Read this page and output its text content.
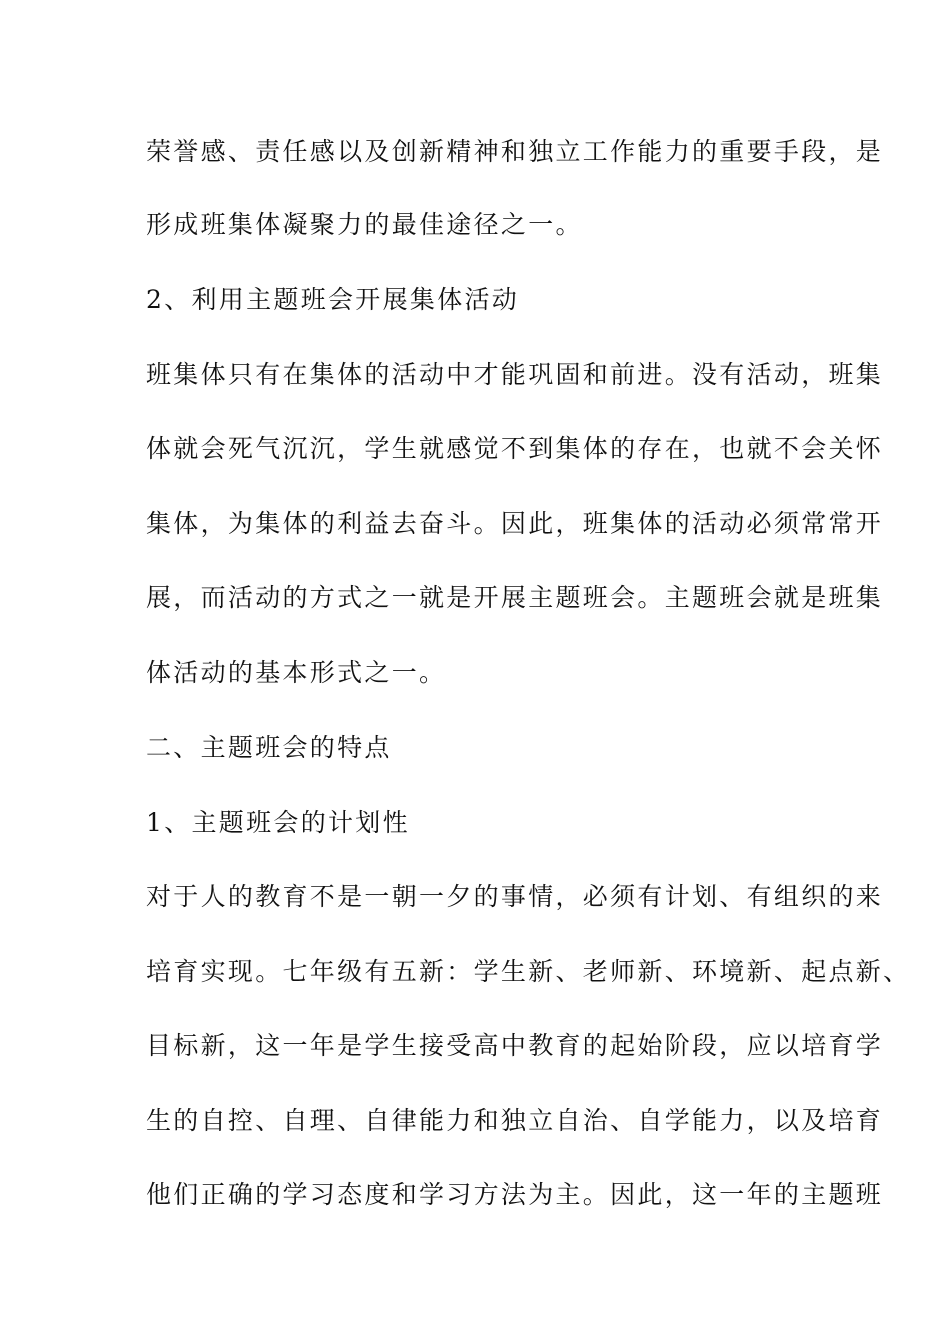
荣誉感、责任感以及创新精神和独立工作能力的重要手段，是
形成班集体凝聚力的最佳途径之一。
2、利用主题班会开展集体活动
班集体只有在集体的活动中才能巩固和前进。没有活动，班集
体就会死气沉沉，学生就感觉不到集体的存在，也就不会关怀
集体，为集体的利益去奋斗。因此，班集体的活动必须常常开
展，而活动的方式之一就是开展主题班会。主题班会就是班集
体活动的基本形式之一。
二、主题班会的特点
1、主题班会的计划性
对于人的教育不是一朝一夕的事情，必须有计划、有组织的来
培育实现。七年级有五新：学生新、老师新、环境新、起点新、
目标新，这一年是学生接受高中教育的起始阶段，应以培育学
生的自控、自理、自律能力和独立自治、自学能力，以及培育
他们正确的学习态度和学习方法为主。因此，这一年的主题班
